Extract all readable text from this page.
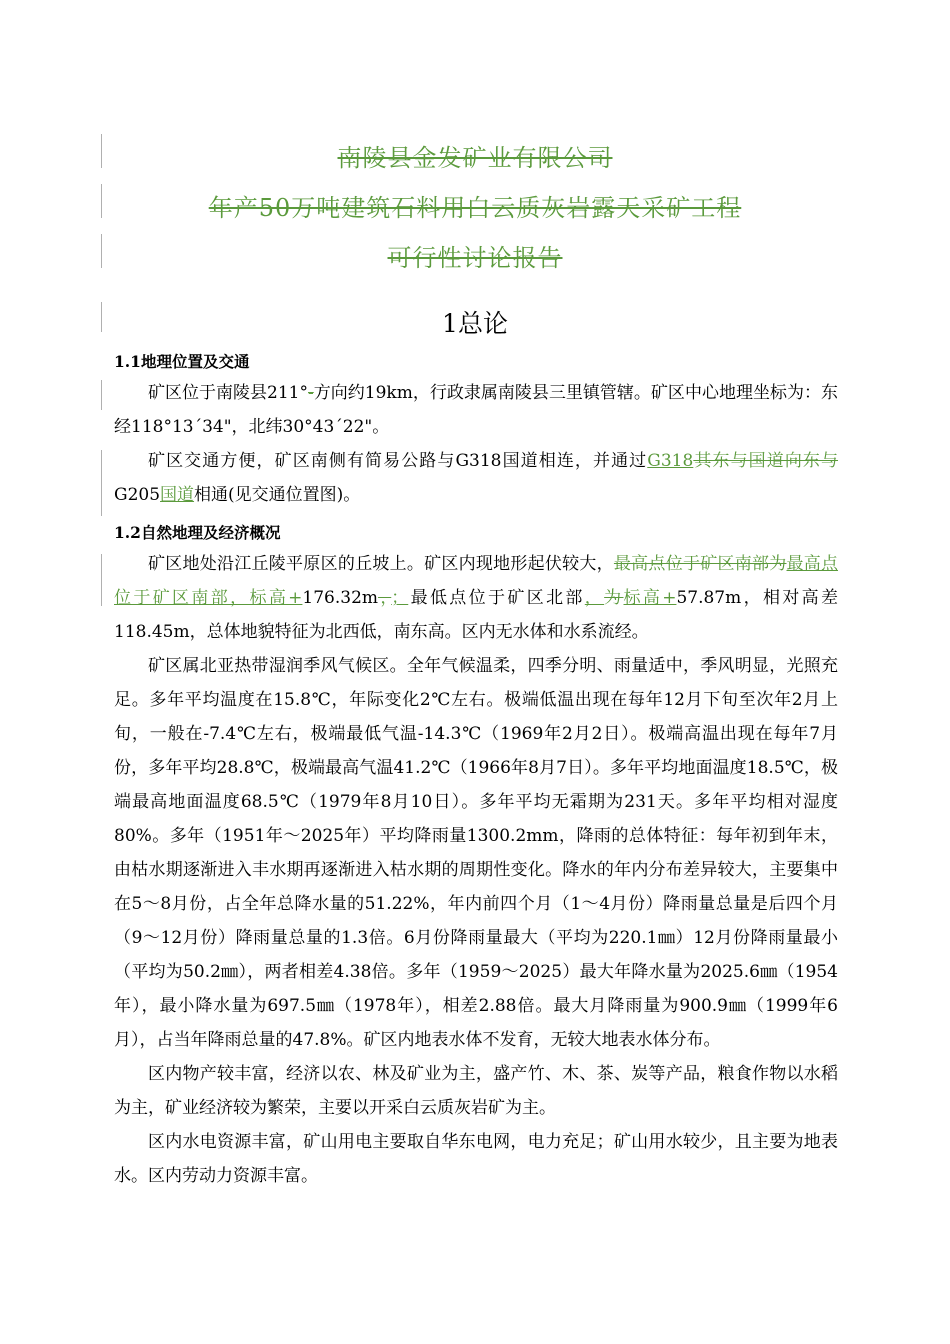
南陵县金发矿业有限公司
年产50万吨建筑石料用白云质灰岩露天采矿工程
可行性讨论报告
1总论
1.1地理位置及交通

矿区位于南陵县211°-方向约19km，行政隶属南陵县三里镇管辖。矿区中心地理坐标为：东经118°13´34"，北纬30°43´22"。

矿区交通方便，矿区南侧有简易公路与G318国道相连，并通过G318其东与国道向东与G205国道相通(见交通位置图)。

1.2自然地理及经济概况

矿区地处沿江丘陵平原区的丘坡上。矿区内现地形起伏较大，最高点位于矿区南部为最高点位于矿区南部，标高+176.32m，；最低点位于矿区北部，为标高+57.87m，相对高差118.45m，总体地貌特征为北西低，南东高。区内无水体和水系流经。

矿区属北亚热带湿润季风气候区。全年气候温柔，四季分明、雨量适中，季风明显，光照充足。多年平均温度在15.8℃，年际变化2℃左右。极端低温出现在每年12月下旬至次年2月上旬，一般在-7.4℃左右，极端最低气温-14.3℃（1969年2月2日）。极端高温出现在每年7月份，多年平均28.8℃，极端最高气温41.2℃（1966年8月7日）。多年平均地面温度18.5℃，极端最高地面温度68.5℃（1979年8月10日）。多年平均无霜期为231天。多年平均相对湿度80%。多年（1951年～2025年）平均降雨量1300.2mm，降雨的总体特征：每年初到年末，由枯水期逐渐进入丰水期再逐渐进入枯水期的周期性变化。降水的年内分布差异较大，主要集中在5～8月份，占全年总降水量的51.22%，年内前四个月（1～4月份）降雨量总量是后四个月（9～12月份）降雨量总量的1.3倍。6月份降雨量最大（平均为220.1㎜）12月份降雨量最小（平均为50.2㎜），两者相差4.38倍。多年（1959～2025）最大年降水量为2025.6㎜（1954年），最小降水量为697.5㎜（1978年），相差2.88倍。最大月降雨量为900.9㎜（1999年6月），占当年降雨总量的47.8%。矿区内地表水体不发育，无较大地表水体分布。

区内物产较丰富，经济以农、林及矿业为主，盛产竹、木、茶、炭等产品，粮食作物以水稻为主，矿业经济较为繁荣，主要以开采白云质灰岩矿为主。

区内水电资源丰富，矿山用电主要取自华东电网，电力充足；矿山用水较少，且主要为地表水。区内劳动力资源丰富。
